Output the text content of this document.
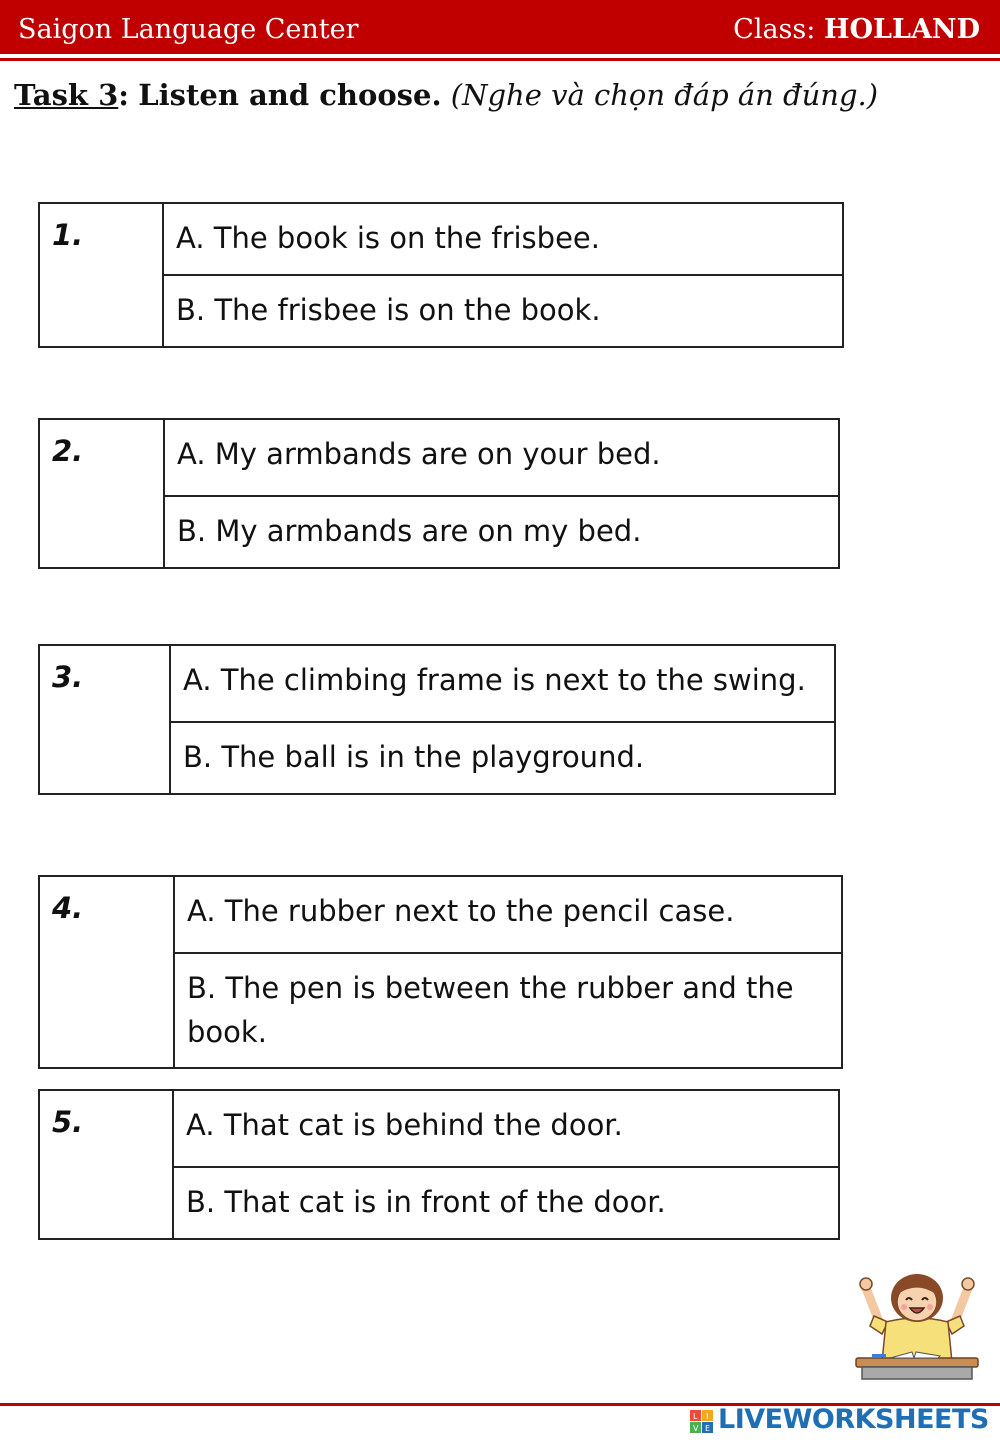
Saigon Language Center	Class: HOLLAND
Task 3: Listen and choose. (Nghe và chọn đáp án đúng.)
1.	A. The book is on the frisbee.
B. The frisbee is on the book.
2.	A. My armbands are on your bed.
B. My armbands are on my bed.
3.	A. The climbing frame is next to the swing.
B. The ball is in the playground.
4.	A. The rubber next to the pencil case.
B. The pen is between the rubber and the book.
5.	A. That cat is behind the door.
B. That cat is in front of the door.
L I
V E LIVEWORKSHEETS
